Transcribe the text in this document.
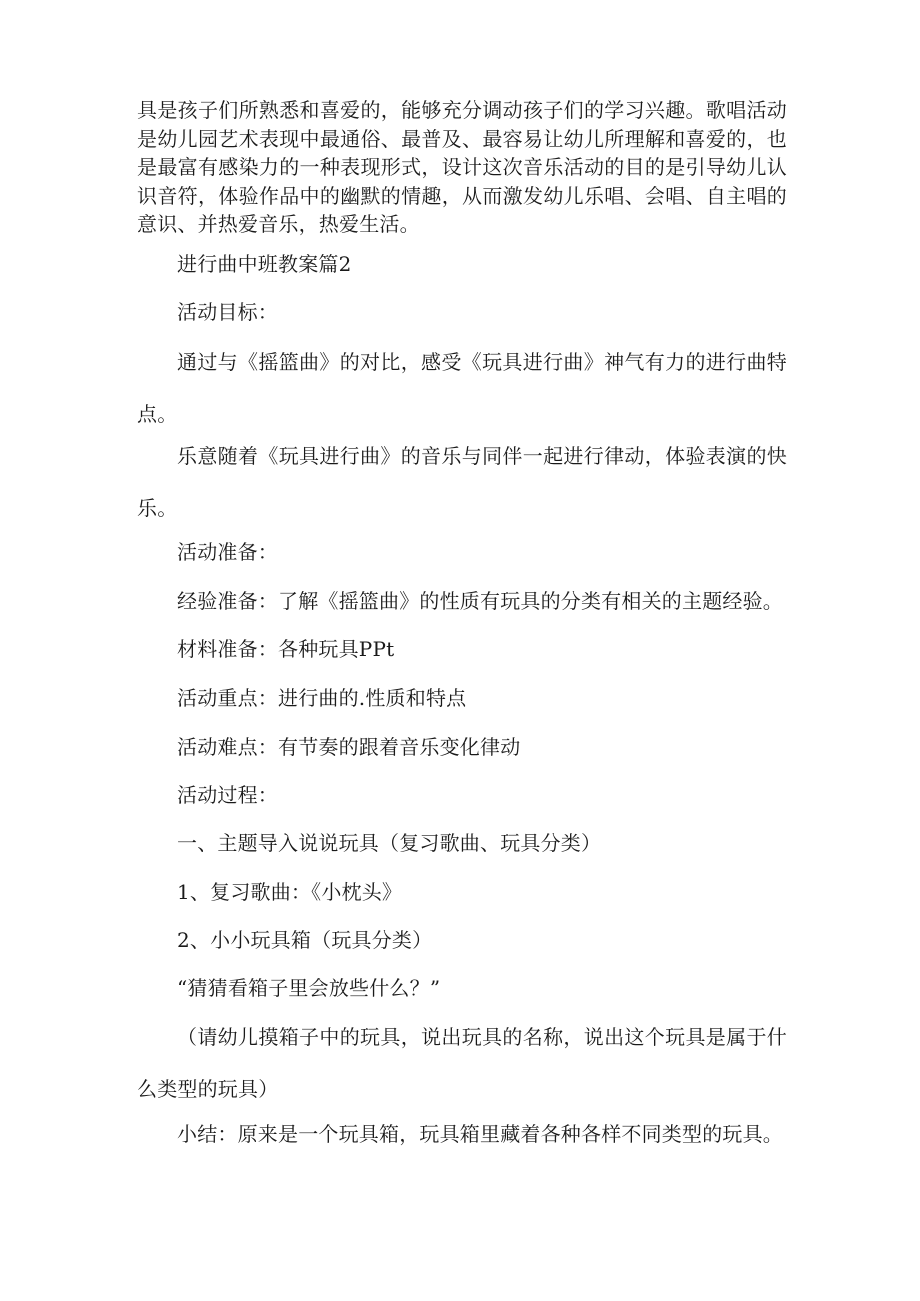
具是孩子们所熟悉和喜爱的，能够充分调动孩子们的学习兴趣。歌唱活动是幼儿园艺术表现中最通俗、最普及、最容易让幼儿所理解和喜爱的，也是最富有感染力的一种表现形式，设计这次音乐活动的目的是引导幼儿认识音符，体验作品中的幽默的情趣，从而激发幼儿乐唱、会唱、自主唱的意识、并热爱音乐，热爱生活。

进行曲中班教案篇2

活动目标：

通过与《摇篮曲》的对比，感受《玩具进行曲》神气有力的进行曲特点。

乐意随着《玩具进行曲》的音乐与同伴一起进行律动，体验表演的快乐。

活动准备：

经验准备：了解《摇篮曲》的性质有玩具的分类有相关的主题经验。

材料准备：各种玩具PPt

活动重点：进行曲的.性质和特点

活动难点：有节奏的跟着音乐变化律动

活动过程：

一、主题导入说说玩具（复习歌曲、玩具分类）

1、复习歌曲：《小枕头》

2、小小玩具箱（玩具分类）

“猜猜看箱子里会放些什么？”

（请幼儿摸箱子中的玩具，说出玩具的名称，说出这个玩具是属于什么类型的玩具）

小结：原来是一个玩具箱，玩具箱里藏着各种各样不同类型的玩具。
